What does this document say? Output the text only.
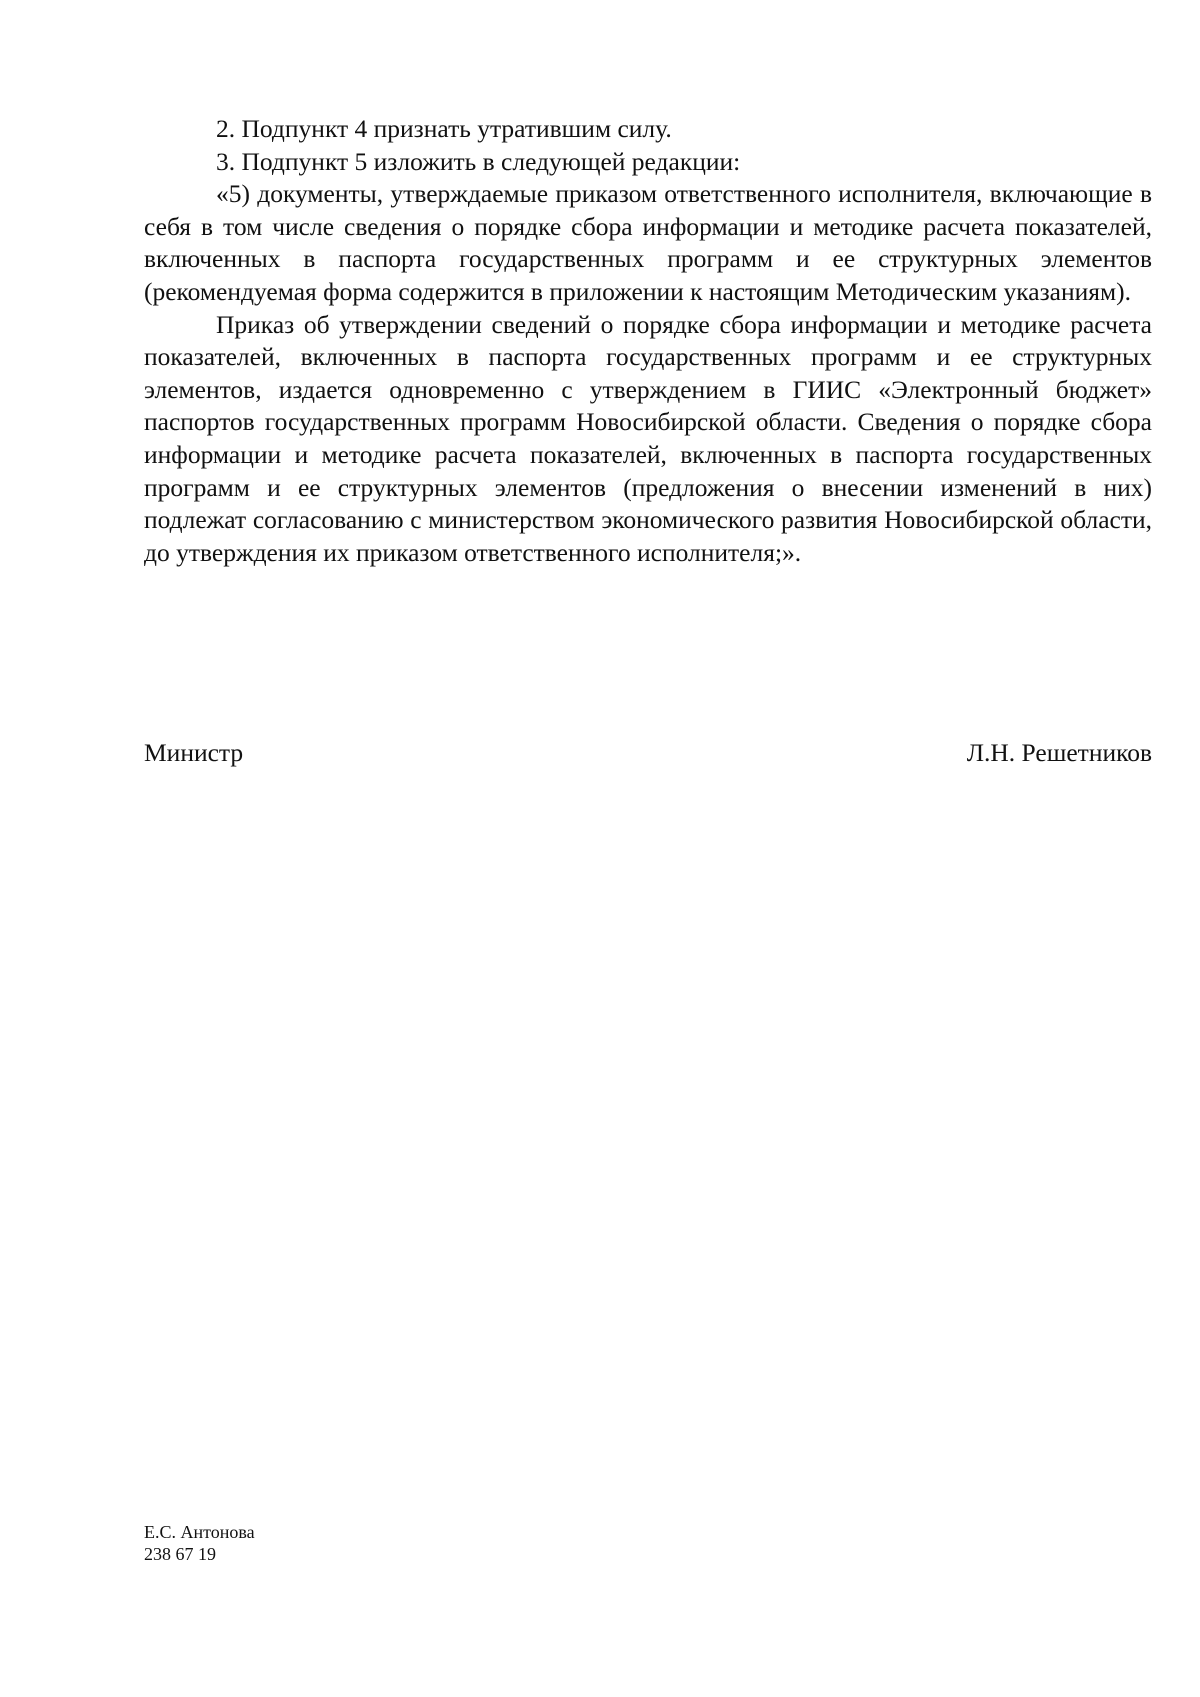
2. Подпункт 4 признать утратившим силу.

3. Подпункт 5 изложить в следующей редакции:

«5) документы, утверждаемые приказом ответственного исполнителя, включающие в себя в том числе сведения о порядке сбора информации и методике расчета показателей, включенных в паспорта государственных программ и ее структурных элементов (рекомендуемая форма содержится в приложении к настоящим Методическим указаниям).

Приказ об утверждении сведений о порядке сбора информации и методике расчета показателей, включенных в паспорта государственных программ и ее структурных элементов, издается одновременно с утверждением в ГИИС «Электронный бюджет» паспортов государственных программ Новосибирской области. Сведения о порядке сбора информации и методике расчета показателей, включенных в паспорта государственных программ и ее структурных элементов (предложения о внесении изменений в них) подлежат согласованию с министерством экономического развития Новосибирской области, до утверждения их приказом ответственного исполнителя;».

Министр	Л.Н. Решетников
Е.С. Антонова
238 67 19
